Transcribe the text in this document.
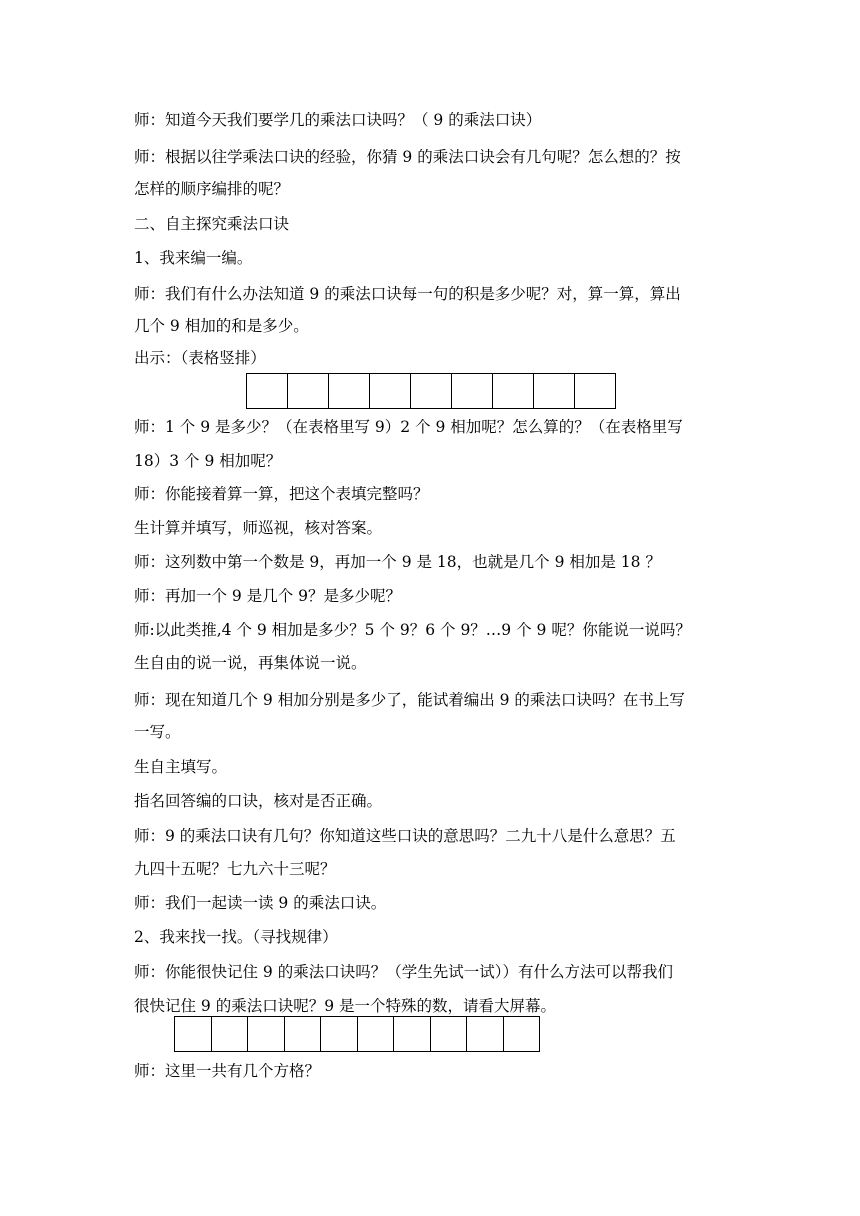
师：知道今天我们要学几的乘法口诀吗？（ 9 的乘法口诀）
师：根据以往学乘法口诀的经验，你猜 9 的乘法口诀会有几句呢？怎么想的？按
怎样的顺序编排的呢？
二、自主探究乘法口诀
1、我来编一编。
师：我们有什么办法知道 9 的乘法口诀每一句的积是多少呢？对，算一算，算出
几个 9 相加的和是多少。
出示：（表格竖排）
师：1 个 9 是多少？（在表格里写 9）2 个 9 相加呢？怎么算的？（在表格里写
18）3 个 9 相加呢？
师：你能接着算一算，把这个表填完整吗？
生计算并填写，师巡视，核对答案。
师：这列数中第一个数是 9，再加一个 9 是 18，也就是几个 9 相加是 18 ？
师：再加一个 9 是几个 9？是多少呢？
师:以此类推,4 个 9 相加是多少？5 个 9？6 个 9？…9 个 9 呢？你能说一说吗？
生自由的说一说，再集体说一说。
师：现在知道几个 9 相加分别是多少了，能试着编出 9 的乘法口诀吗？在书上写
一写。
生自主填写。
指名回答编的口诀，核对是否正确。
师：9 的乘法口诀有几句？你知道这些口诀的意思吗？二九十八是什么意思？五
九四十五呢？七九六十三呢？
师：我们一起读一读 9 的乘法口诀。
2、我来找一找。（寻找规律）
师：你能很快记住 9 的乘法口诀吗？（学生先试一试））有什么方法可以帮我们
很快记住 9 的乘法口诀呢？9 是一个特殊的数，请看大屏幕。
师：这里一共有几个方格？
